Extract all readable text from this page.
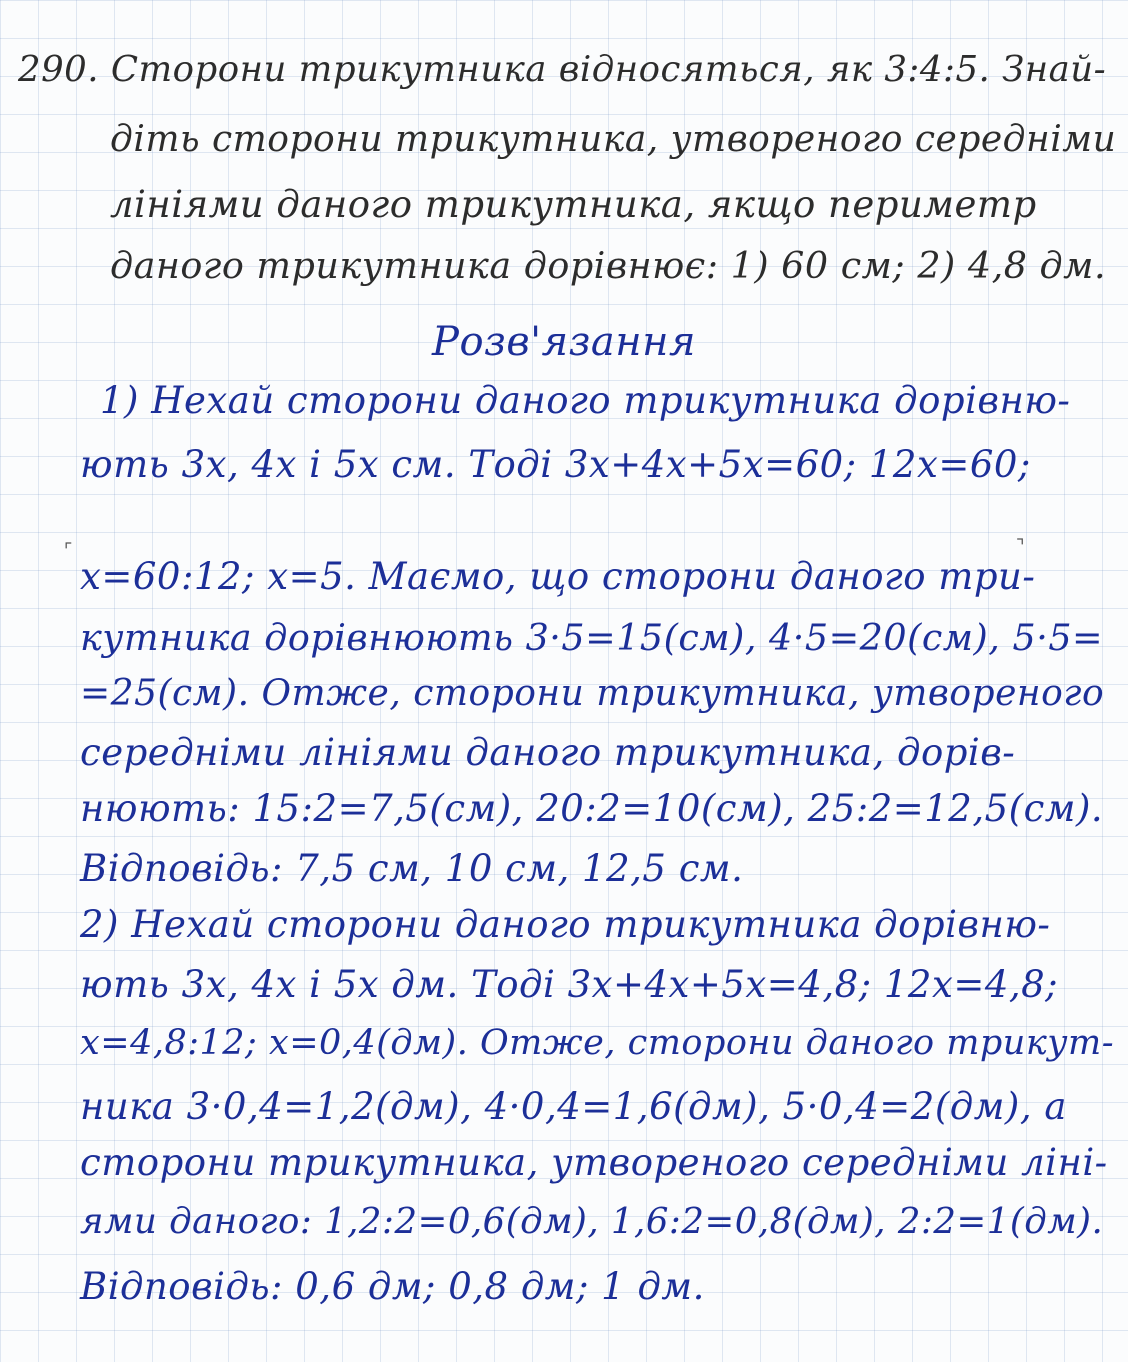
290. Сторони трикутника відносяться, як 3:4:5. Знай-
діть сторони трикутника, утвореного середніми
лініями даного трикутника, якщо периметр
даного трикутника дорівнює: 1) 60 см; 2) 4,8 дм.
Розв'язання
1) Нехай сторони даного трикутника дорівню-
ють 3x, 4x і 5x см. Тоді 3x+4x+5x=60; 12x=60;
⌜	⌝
x=60:12; x=5. Маємо, що сторони даного три-
кутника дорівнюють 3·5=15(см), 4·5=20(см), 5·5=
=25(см). Отже, сторони трикутника, утвореного
середніми лініями даного трикутника, дорів-
нюють: 15:2=7,5(см), 20:2=10(см), 25:2=12,5(см).
Відповідь: 7,5 см, 10 см, 12,5 см.
2) Нехай сторони даного трикутника дорівню-
ють 3x, 4x і 5x дм. Тоді 3x+4x+5x=4,8; 12x=4,8;
x=4,8:12; x=0,4(дм). Отже, сторони даного трикут-
ника 3·0,4=1,2(дм), 4·0,4=1,6(дм), 5·0,4=2(дм), а
сторони трикутника, утвореного середніми ліні-
ями даного: 1,2:2=0,6(дм), 1,6:2=0,8(дм), 2:2=1(дм).
Відповідь: 0,6 дм; 0,8 дм; 1 дм.
